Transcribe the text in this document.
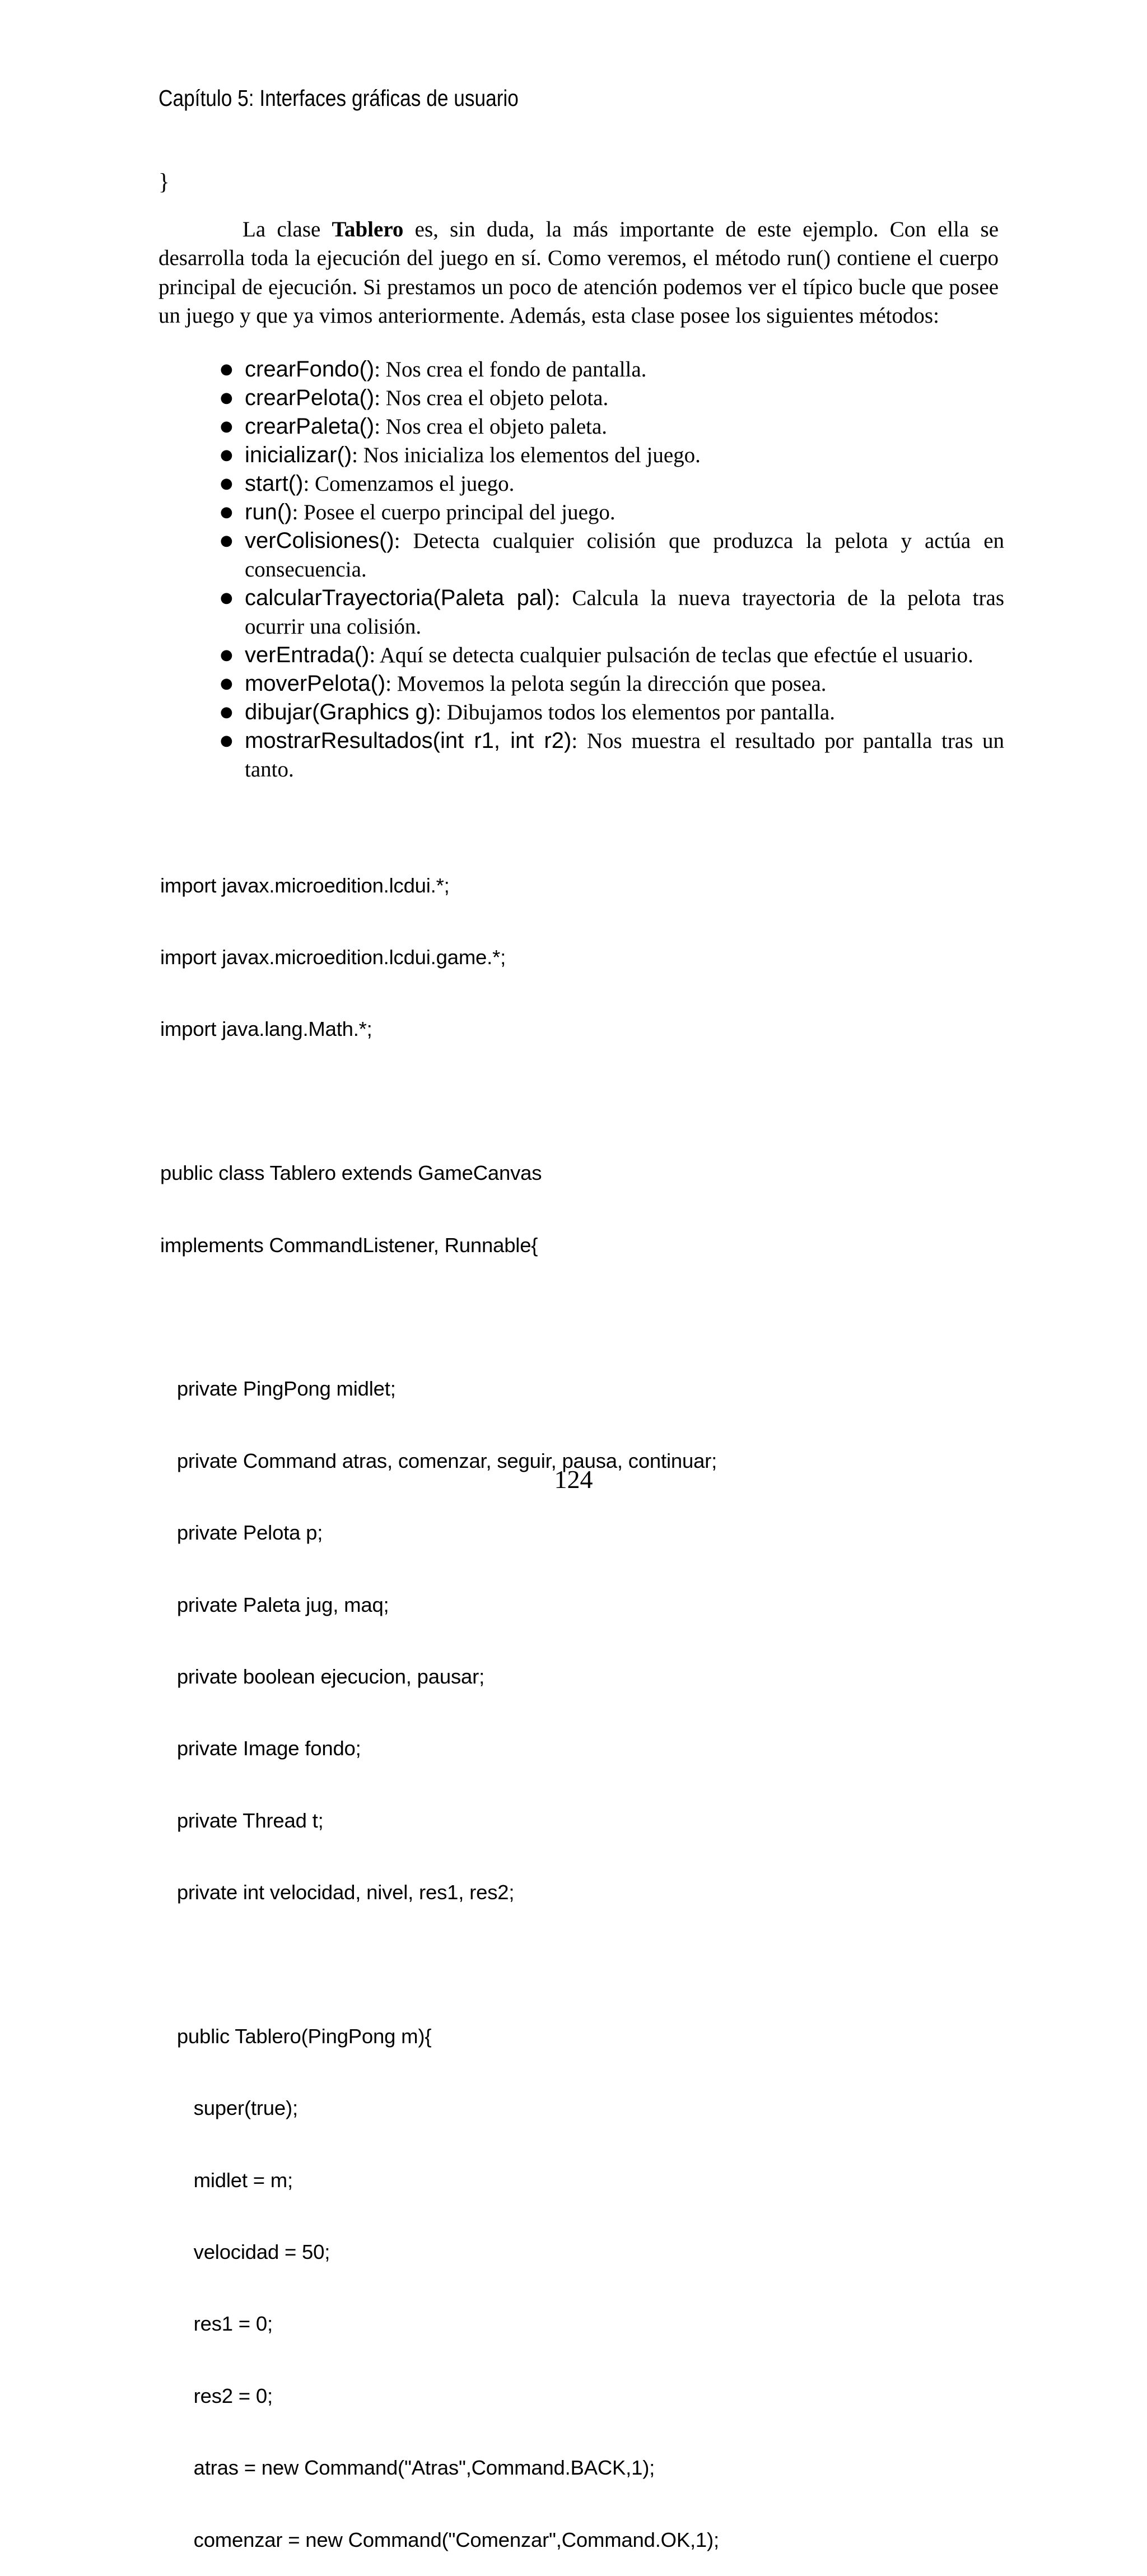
Capítulo 5: Interfaces gráficas de usuario
}
La clase Tablero es, sin duda, la más importante de este ejemplo. Con ella se desarrolla toda la ejecución del juego en sí. Como veremos, el método run() contiene el cuerpo principal de ejecución. Si prestamos un poco de atención podemos ver el típico bucle que posee un juego y que ya vimos anteriormente. Además, esta clase posee los siguientes métodos:
● crearFondo(): Nos crea el fondo de pantalla.
● crearPelota(): Nos crea el objeto pelota.
● crearPaleta(): Nos crea el objeto paleta.
● inicializar(): Nos inicializa los elementos del juego.
● start(): Comenzamos el juego.
● run(): Posee el cuerpo principal del juego.
● verColisiones(): Detecta cualquier colisión que produzca la pelota y actúa en consecuencia.
● calcularTrayectoria(Paleta pal): Calcula la nueva trayectoria de la pelota tras ocurrir una colisión.
● verEntrada(): Aquí se detecta cualquier pulsación de teclas que efectúe el usuario.
● moverPelota(): Movemos la pelota según la dirección que posea.
● dibujar(Graphics g): Dibujamos todos los elementos por pantalla.
● mostrarResultados(int r1, int r2): Nos muestra el resultado por pantalla tras un tanto.

import javax.microedition.lcdui.*;

import javax.microedition.lcdui.game.*;

import java.lang.Math.*;

public class Tablero extends GameCanvas

implements CommandListener, Runnable{

private PingPong midlet;

private Command atras, comenzar, seguir, pausa, continuar;

private Pelota p;

private Paleta jug, maq;

private boolean ejecucion, pausar;

private Image fondo;

private Thread t;

private int velocidad, nivel, res1, res2;

public Tablero(PingPong m){

super(true);

midlet = m;

velocidad = 50;

res1 = 0;

res2 = 0;

atras = new Command("Atras",Command.BACK,1);

comenzar = new Command("Comenzar",Command.OK,1);

124
